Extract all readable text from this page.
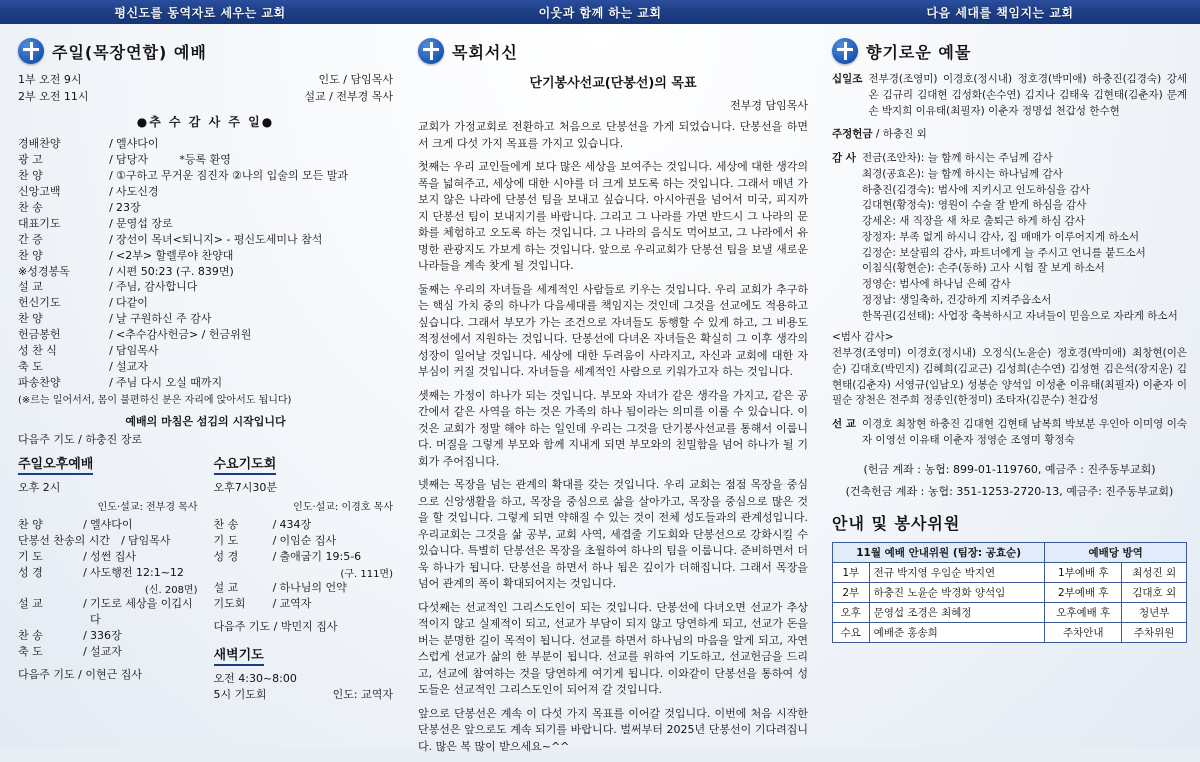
평신도를 동역자로 세우는 교회	이웃과 함께 하는 교회	다음 세대를 책임지는 교회
주일(목장연합) 예배
1부 오전 9시	인도 / 담임목사
2부 오전 11시	설교 / 전부경 목사
●추 수 감 사 주 일●
경배찬양	/ 엘샤다이
광 고	/ 담당자	*등록 환영
찬 양	/ ①구하고 무거운 짐진자 ②나의 입술의 모든 말과
신앙고백	/ 사도신경
찬 송	/ 23장
대표기도	/ 문영섭 장로
간 증	/ 장선이 목녀<퇴니지> - 평신도세미나 참석
찬 양	/ <2부> 할렐루야 찬양대
※성경봉독	/ 시편 50:23 (구. 839면)
설 교	/ 주님, 감사합니다
헌신기도	/ 다같이
찬 양	/ 날 구원하신 주 감사
헌금봉헌	/ <추수감사헌금> / 헌금위원
성 찬 식	/ 담임목사
축 도	/ 설교자
파송찬양	/ 주님 다시 오실 때까지
(※르는 일어서서, 몸이 불편하신 분은 자리에 앉아서도 됩니다)
예배의 마침은 섬김의 시작입니다
다음주 기도 / 하충진 장로
주일오후예배
오후 2시
인도·설교: 전부경 목사
찬 양	/ 엘샤다이
단봉선 찬송의 시간	/ 담임목사
기 도	/ 성썬 집사
성 경	/ 사도행전 12:1~12
(신. 208면)
설 교	/ 기도로 세상을 이깁시다
찬 송	/ 336장
축 도	/ 설교자
다음주 기도 / 이현근 집사
수요기도회
오후7시30분
인도·설교: 이경호 목사
찬 송	/ 434장
기 도	/ 이임순 집사
성 경	/ 출애굽기 19:5-6
(구. 111면)
설 교	/ 하나님의 언약
기도회	/ 교역자
다음주 기도 / 박민지 집사
새벽기도
오전 4:30~8:00
5시 기도회	인도: 교역자
목회서신
단기봉사선교(단봉선)의 목표
전부경 담임목사

교회가 가정교회로 전환하고 처음으로 단봉선을 가게 되었습니다. 단봉선을 하면서 크게 다섯 가지 목표를 가지고 있습니다.

첫째는 우리 교인들에게 보다 많은 세상을 보여주는 것입니다. 세상에 대한 생각의 폭을 넓혀주고, 세상에 대한 시야를 더 크게 보도록 하는 것입니다. 그래서 매년 가보지 않은 나라에 단봉선 팀을 보내고 싶습니다. 아시아권을 넘어서 미국, 피지까지 단봉선 팀이 보내지기를 바랍니다. 그리고 그 나라를 가면 반드시 그 나라의 문화를 체험하고 오도록 하는 것입니다. 그 나라의 음식도 먹어보고, 그 나라에서 유명한 관광지도 가보게 하는 것입니다. 앞으로 우리교회가 단봉선 팀을 보낼 새로운 나라들을 계속 찾게 될 것입니다.

둘째는 우리의 자녀들을 세계적인 사람들로 키우는 것입니다. 우리 교회가 추구하는 핵심 가치 중의 하나가 다음세대를 책임지는 것인데 그것을 선교에도 적용하고 싶습니다. 그래서 부모가 가는 조건으로 자녀들도 동행할 수 있게 하고, 그 비용도 적정선에서 지원하는 것입니다. 단봉선에 다녀온 자녀들은 확실히 그 이후 생각의 성장이 일어날 것입니다. 세상에 대한 두려움이 사라지고, 자신과 교회에 대한 자부심이 커질 것입니다. 자녀들을 세계적인 사람으로 키워가고자 하는 것입니다.

셋째는 가정이 하나가 되는 것입니다. 부모와 자녀가 같은 생각을 가지고, 같은 공간에서 같은 사역을 하는 것은 가족의 하나 됨이라는 의미를 이룰 수 있습니다. 이것은 교회가 정말 해야 하는 일인데 우리는 그것을 단기봉사선교를 통해서 이룹니다. 머질을 그렇게 부모와 함께 지내게 되면 부모와의 친밀함을 넘어 하나가 될 기회가 주어집니다.

넷째는 목장을 넘는 관계의 확대를 갖는 것입니다. 우리 교회는 점점 목장을 중심으로 신앙생활을 하고, 목장을 중심으로 삶을 살아가고, 목장을 중심으로 많은 것을 할 것입니다. 그렇게 되면 약해질 수 있는 것이 전체 성도들과의 관계성입니다. 우리교회는 그것을 삶 공부, 교회 사역, 세겹줄 기도회와 단봉선으로 강화시킬 수 있습니다. 특별히 단봉선은 목장을 초월하여 하나의 팀을 이룹니다. 준비하면서 더욱 하나가 됩니다. 단봉선을 하면서 하나 됨은 깊이가 더해집니다. 그래서 목장을 넘어 관계의 폭이 확대되어지는 것입니다.

다섯째는 선교적인 그리스도인이 되는 것입니다. 단봉선에 다녀오면 선교가 추상적이지 않고 실제적이 되고, 선교가 부담이 되지 않고 당연하게 되고, 선교가 돈을 버는 분명한 길이 목적이 됩니다. 선교를 하면서 하나님의 마음을 알게 되고, 자연스럽게 선교가 삶의 한 부분이 됩니다. 선교를 위하여 기도하고, 선교헌금을 드리고, 선교에 참여하는 것을 당연하게 여기게 됩니다. 이와같이 단봉선을 통하여 성도들은 선교적인 그리스도인이 되어져 갈 것입니다.

앞으로 단봉선은 계속 이 다섯 가지 목표를 이어갈 것입니다. 이번에 처음 시작한 단봉선은 앞으로도 계속 되기를 바랍니다. 벌써부터 2025년 단봉선이 기다려집니다. 많은 복 많이 받으세요~^^

향기로운 예물
십일조 전부경(조영미) 이경호(정시내) 정호경(박미애) 하충진(김경숙) 강세온 김규리 김대현 김성화(손수연) 김지나 김태욱 김현태(김춘자) 문계손 박지희 이유태(최필자) 이춘자 정명섭 천갑성 한수현
주정헌금 / 하충진 외
감 사 전금(조안차): 늘 함께 하시는 주님께 감사
최경(공효온): 늘 함께 하시는 하나님께 감사
하충진(김경숙): 범사에 지키시고 인도하심을 감사
김대현(황정숙): 영원이 수술 잘 받게 하심을 감사
강세온: 새 직장을 새 차로 출퇴근 하게 하심 감사
장정자: 부족 없게 하시니 감사, 집 매매가 이루어지게 하소서
김정순: 보살핌의 감사, 파트너에게 늘 주시고 언니를 붙드소서
이침식(황현순): 손주(동하) 고사 시험 잘 보게 하소서
정영순: 범사에 하나님 은혜 감사
정정남: 생일축하, 건강하게 지켜주옵소서
한목권(김선태): 사업장 축복하시고 자녀들이 믿음으로 자라게 하소서
<범사 감사>
전부경(조영미) 이경호(정시내) 오정식(노윤순) 정호경(박미애) 최창현(이은순) 김대호(박민지) 김혜희(김교근) 김성희(손수연) 김성현 김은석(장지운) 김현태(김춘자) 서영규(임남오) 성봉순 양석임 이성춘 이유태(최필자) 이춘자 이필순 장천은 전주희 정종인(한정미) 조타자(김문수) 천갑성
선 교 이경호 최창현 하충진 김대현 김현태 남복희 박보분 우인아 이미영 이숙자 이영선 이유태 이춘자 정영순 조영미 황정숙
(헌금 계좌 : 농협: 899-01-119760, 예금주 : 진주동부교회)
(건축헌금 계좌 : 농협: 351-1253-2720-13, 예금주: 진주동부교회)
안내 및 봉사위원
11월 예배 안내위원 (팀장: 공효순)		예배당 방역	
1부	전규 박지영 우임순 박지연	1부예배 후	최성진 외
2부	하충진 노윤순 박경화 양석임	2부예배 후	김대호 외
오후	문영섭 조경은 최혜정	오후예배 후	청년부
수요	예배준 홍송희	주차안내	주차위원
